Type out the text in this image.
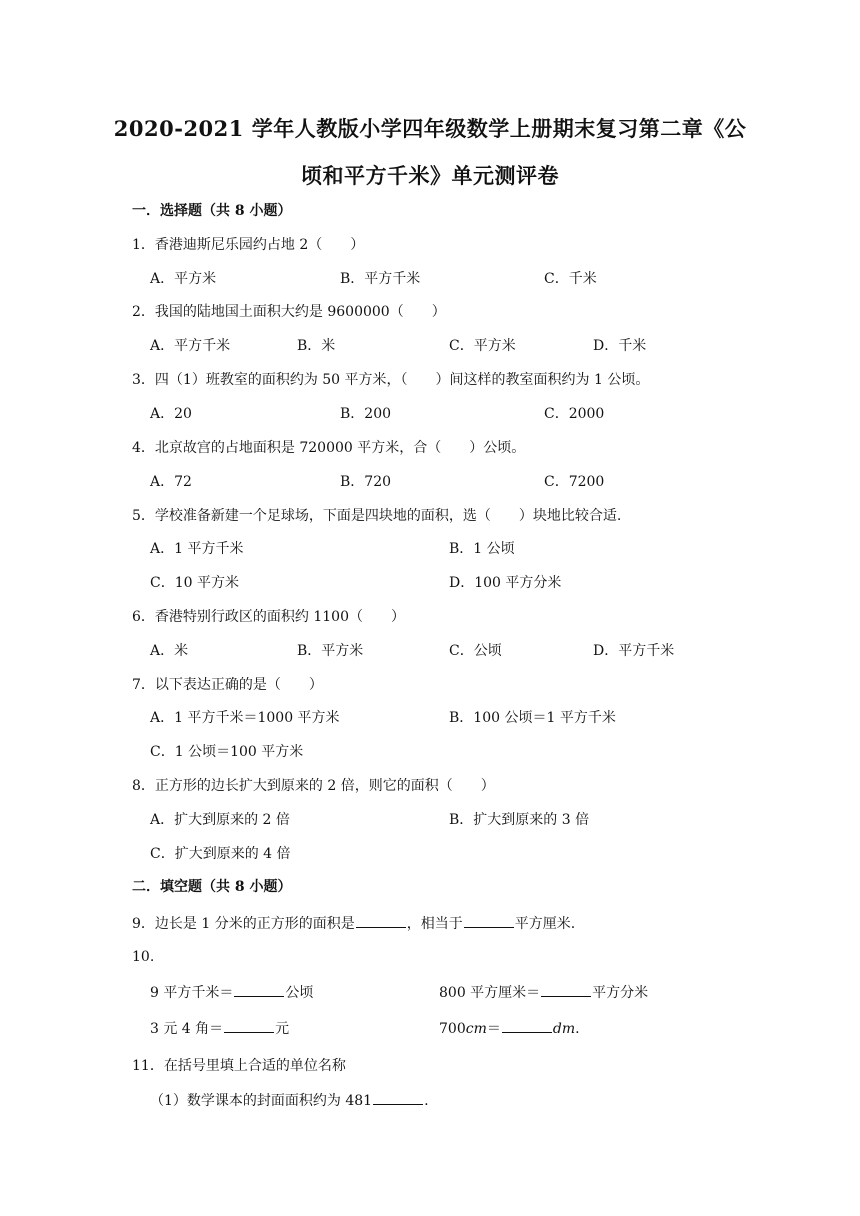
2020-2021 学年人教版小学四年级数学上册期末复习第二章《公
顷和平方千米》单元测评卷
一．选择题（共 8 小题）
1．香港迪斯尼乐园约占地 2（　　）
A．平方米	B．平方千米	C．千米
2．我国的陆地国土面积大约是 9600000（　　）
A．平方千米	B．米	C．平方米	D．千米
3．四（1）班教室的面积约为 50 平方米，（　　）间这样的教室面积约为 1 公顷。
A．20	B．200	C．2000
4．北京故宫的占地面积是 720000 平方米，合（　　）公顷。
A．72	B．720	C．7200
5．学校准备新建一个足球场，下面是四块地的面积，选（　　）块地比较合适.
A．1 平方千米	B．1 公顷
C．10 平方米	D．100 平方分米
6．香港特别行政区的面积约 1100（　　）
A．米	B．平方米	C．公顷	D．平方千米
7．以下表达正确的是（　　）
A．1 平方千米＝1000 平方米	B．100 公顷＝1 平方千米
C．1 公顷＝100 平方米
8．正方形的边长扩大到原来的 2 倍，则它的面积（　　）
A．扩大到原来的 2 倍	B．扩大到原来的 3 倍
C．扩大到原来的 4 倍
二．填空题（共 8 小题）
9．边长是 1 分米的正方形的面积是	，相当于	平方厘米.
10.
9 平方千米＝	公顷	800 平方厘米＝	平方分米
3 元 4 角＝	元	700cm＝	dm.
11．在括号里填上合适的单位名称
（1）数学课本的封面面积约为 481	.
